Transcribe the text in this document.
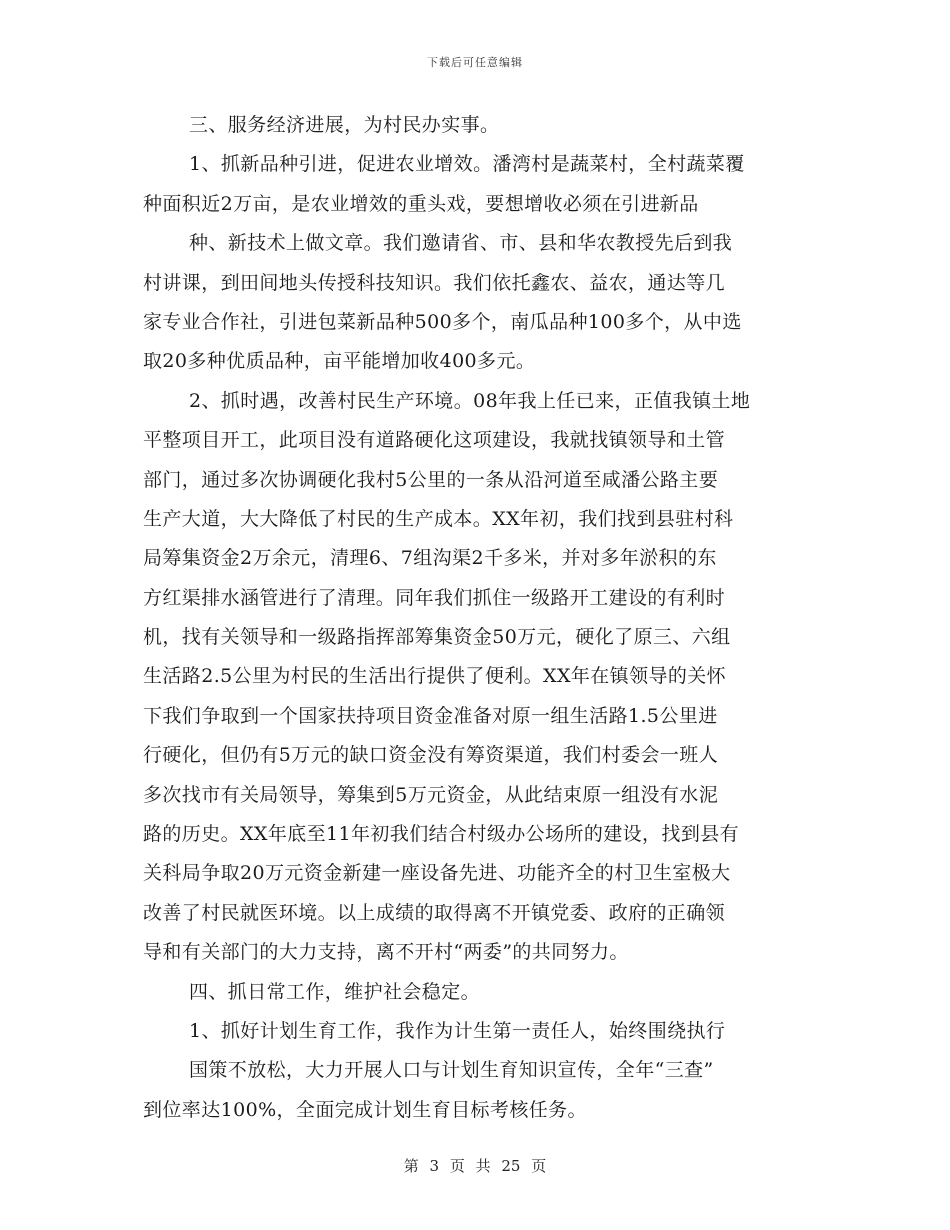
下载后可任意编辑
三、服务经济进展，为村民办实事。
1、抓新品种引进，促进农业增效。潘湾村是蔬菜村，全村蔬菜覆
种面积近2万亩，是农业增效的重头戏，要想增收必须在引进新品
种、新技术上做文章。我们邀请省、市、县和华农教授先后到我
村讲课，到田间地头传授科技知识。我们依托鑫农、益农，通达等几
家专业合作社，引进包菜新品种500多个，南瓜品种100多个，从中选
取20多种优质品种，亩平能增加收400多元。
2、抓时遇，改善村民生产环境。08年我上任已来，正值我镇土地
平整项目开工，此项目没有道路硬化这项建设，我就找镇领导和土管
部门，通过多次协调硬化我村5公里的一条从沿河道至咸潘公路主要
生产大道，大大降低了村民的生产成本。XX年初，我们找到县驻村科
局筹集资金2万余元，清理6、7组沟渠2千多米，并对多年淤积的东
方红渠排水涵管进行了清理。同年我们抓住一级路开工建设的有利时
机，找有关领导和一级路指挥部筹集资金50万元，硬化了原三、六组
生活路2.5公里为村民的生活出行提供了便利。XX年在镇领导的关怀
下我们争取到一个国家扶持项目资金准备对原一组生活路1.5公里进
行硬化，但仍有5万元的缺口资金没有筹资渠道，我们村委会一班人
多次找市有关局领导，筹集到5万元资金，从此结束原一组没有水泥
路的历史。XX年底至11年初我们结合村级办公场所的建设，找到县有
关科局争取20万元资金新建一座设备先进、功能齐全的村卫生室极大
改善了村民就医环境。以上成绩的取得离不开镇党委、政府的正确领
导和有关部门的大力支持，离不开村“两委”的共同努力。
四、抓日常工作，维护社会稳定。
1、抓好计划生育工作，我作为计生第一责任人，始终围绕执行
国策不放松，大力开展人口与计划生育知识宣传，全年“三查”
到位率达100%，全面完成计划生育目标考核任务。
第 3 页 共 25 页
